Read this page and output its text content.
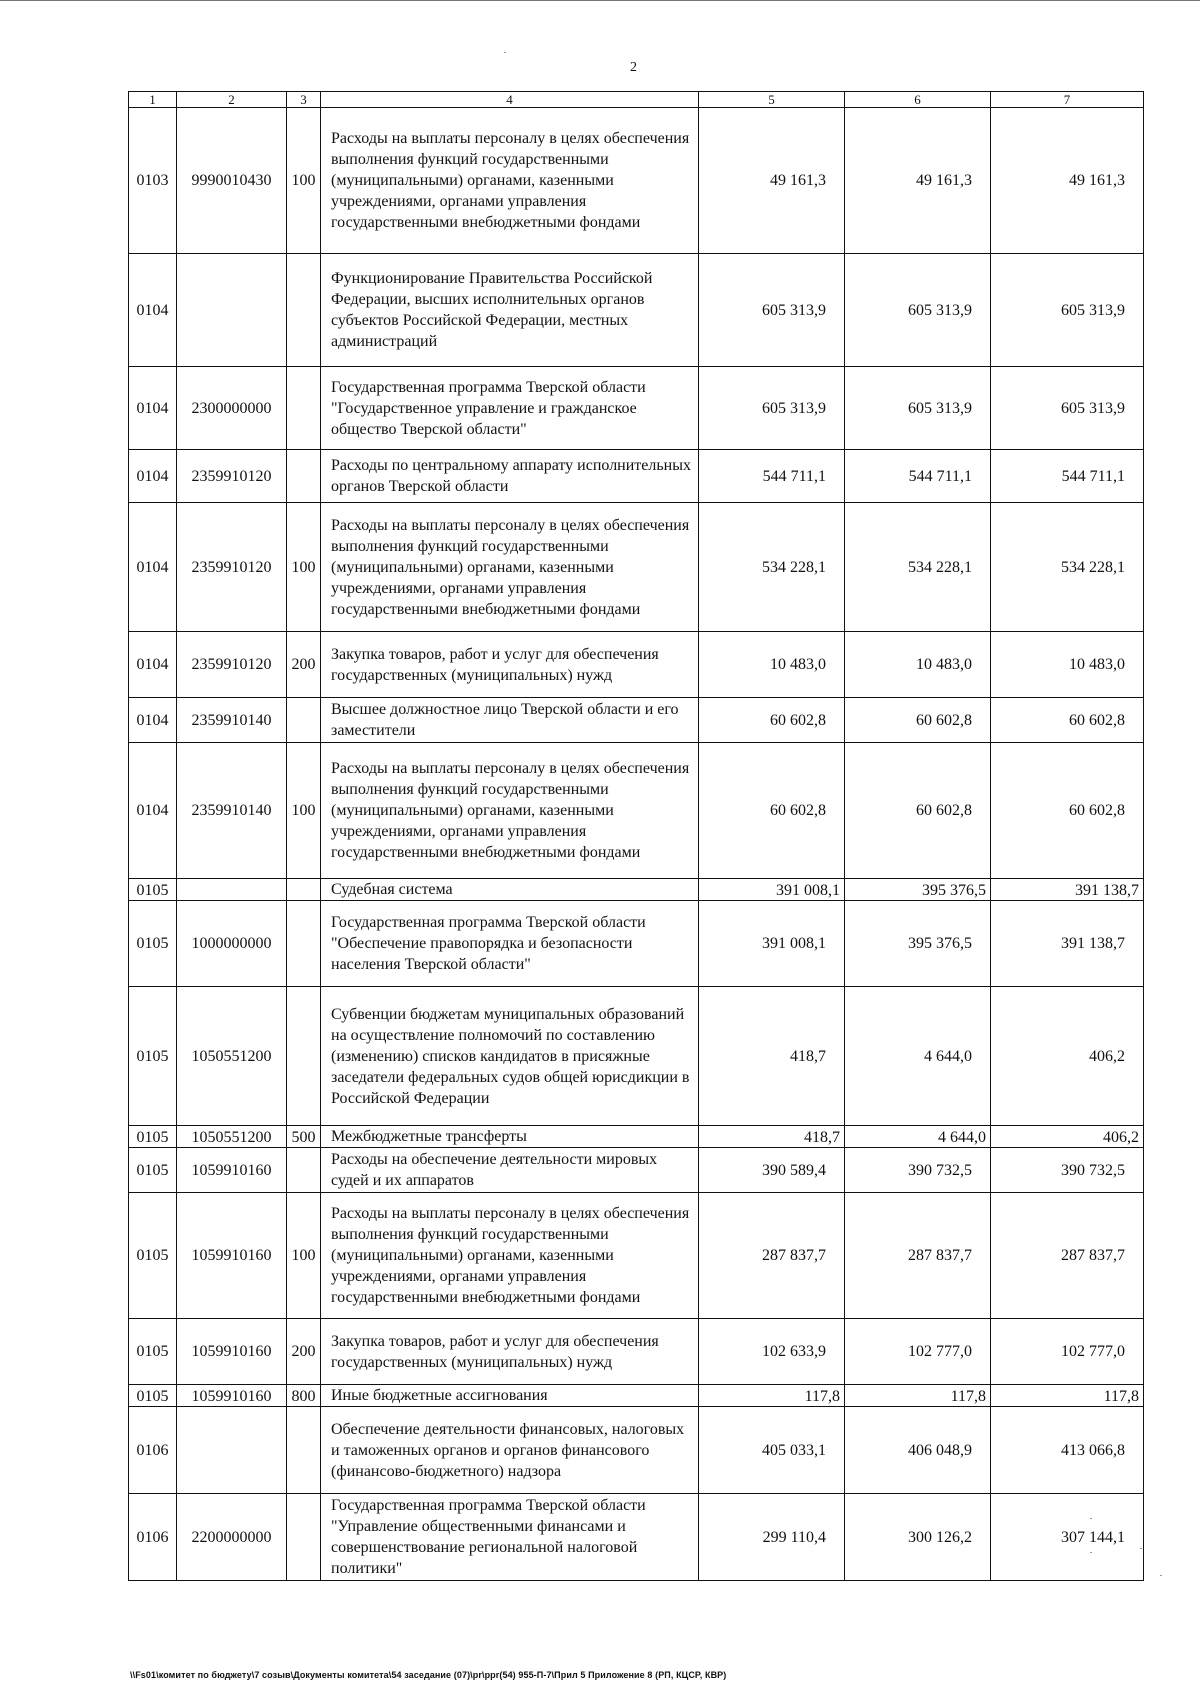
2
1	2	3	4	5	6	7
0103	9990010430	100	Расходы на выплаты персоналу в целях обеспечения выполнения функций государственными (муниципальными) органами, казенными учреждениями, органами управления государственными внебюджетными фондами	49 161,3	49 161,3	49 161,3
0104			Функционирование Правительства Российской Федерации, высших исполнительных органов субъектов Российской Федерации, местных администраций	605 313,9	605 313,9	605 313,9
0104	2300000000		Государственная программа Тверской области "Государственное управление и гражданское общество Тверской области"	605 313,9	605 313,9	605 313,9
0104	2359910120		Расходы по центральному аппарату исполнительных органов Тверской области	544 711,1	544 711,1	544 711,1
0104	2359910120	100	Расходы на выплаты персоналу в целях обеспечения выполнения функций государственными (муниципальными) органами, казенными учреждениями, органами управления государственными внебюджетными фондами	534 228,1	534 228,1	534 228,1
0104	2359910120	200	Закупка товаров, работ и услуг для обеспечения государственных (муниципальных) нужд	10 483,0	10 483,0	10 483,0
0104	2359910140		Высшее должностное лицо Тверской области и его заместители	60 602,8	60 602,8	60 602,8
0104	2359910140	100	Расходы на выплаты персоналу в целях обеспечения выполнения функций государственными (муниципальными) органами, казенными учреждениями, органами управления государственными внебюджетными фондами	60 602,8	60 602,8	60 602,8
0105			Судебная система	391 008,1	395 376,5	391 138,7
0105	1000000000		Государственная программа Тверской области "Обеспечение правопорядка и безопасности населения Тверской области"	391 008,1	395 376,5	391 138,7
0105	1050551200		Субвенции бюджетам муниципальных образований на осуществление полномочий по составлению (изменению) списков кандидатов в присяжные заседатели федеральных судов общей юрисдикции в Российской Федерации	418,7	4 644,0	406,2
0105	1050551200	500	Межбюджетные трансферты	418,7	4 644,0	406,2
0105	1059910160		Расходы на обеспечение деятельности мировых судей и их аппаратов	390 589,4	390 732,5	390 732,5
0105	1059910160	100	Расходы на выплаты персоналу в целях обеспечения выполнения функций государственными (муниципальными) органами, казенными учреждениями, органами управления государственными внебюджетными фондами	287 837,7	287 837,7	287 837,7
0105	1059910160	200	Закупка товаров, работ и услуг для обеспечения государственных (муниципальных) нужд	102 633,9	102 777,0	102 777,0
0105	1059910160	800	Иные бюджетные ассигнования	117,8	117,8	117,8
0106			Обеспечение деятельности финансовых, налоговых и таможенных органов и органов финансового (финансово-бюджетного) надзора	405 033,1	406 048,9	413 066,8
0106	2200000000		Государственная программа Тверской области "Управление общественными финансами и совершенствование региональной налоговой политики"	299 110,4	300 126,2	307 144,1
\\Fs01\комитет по бюджету\7 созыв\Документы комитета\54 заседание (07)\pr\ppr(54) 955-П-7\Прил 5 Приложение 8 (РП, КЦСР, КВР)
